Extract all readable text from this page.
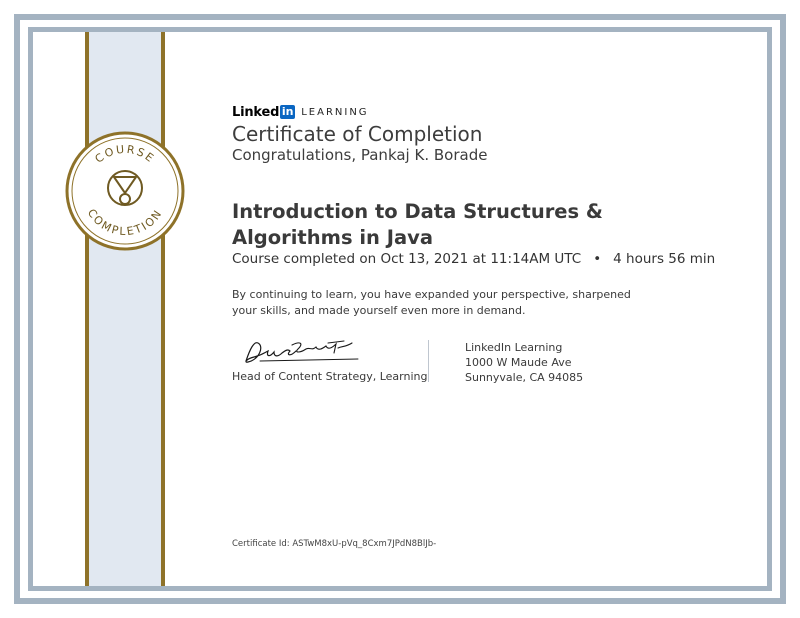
COURSE
COMPLETION
Linked in LEARNING
Certificate of Completion
Congratulations, Pankaj K. Borade
Introduction to Data Structures & Algorithms in Java
Course completed on Oct 13, 2021 at 11:14AM UTC • 4 hours 56 min
By continuing to learn, you have expanded your perspective, sharpened your skills, and made yourself even more in demand.
Head of Content Strategy, Learning
LinkedIn Learning
1000 W Maude Ave
Sunnyvale, CA 94085
Certificate Id: ASTwM8xU-pVq_8Cxm7JPdN8BlJb-
